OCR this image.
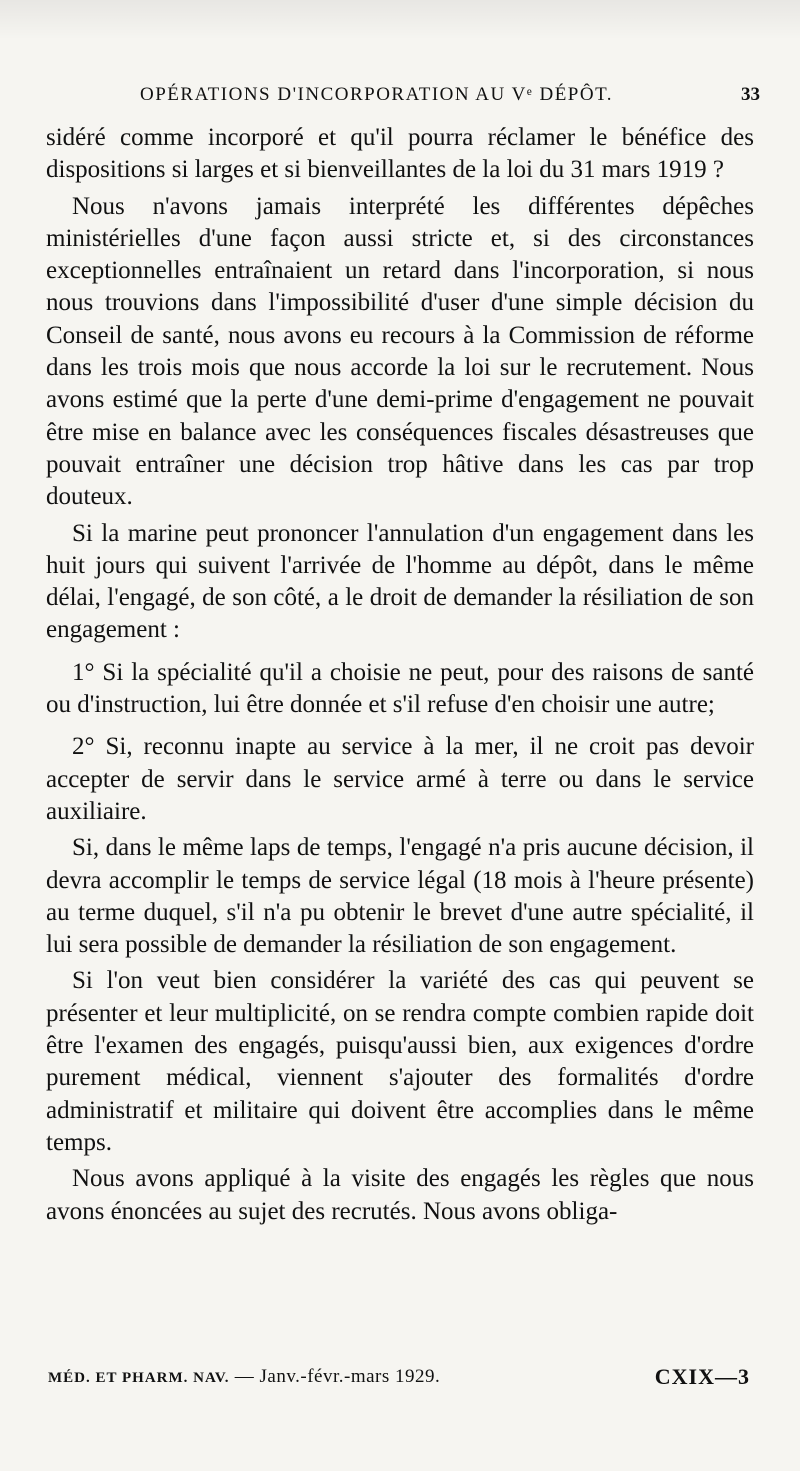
OPÉRATIONS D'INCORPORATION AU Vᵉ DÉPÔT.	33

sidéré comme incorporé et qu'il pourra réclamer le bénéfice des dispositions si larges et si bienveillantes de la loi du 31 mars 1919 ?

Nous n'avons jamais interprété les différentes dépêches ministérielles d'une façon aussi stricte et, si des circonstances exceptionnelles entraînaient un retard dans l'incorporation, si nous nous trouvions dans l'impossibilité d'user d'une simple décision du Conseil de santé, nous avons eu recours à la Commission de réforme dans les trois mois que nous accorde la loi sur le recrutement. Nous avons estimé que la perte d'une demi-prime d'engagement ne pouvait être mise en balance avec les conséquences fiscales désastreuses que pouvait entraîner une décision trop hâtive dans les cas par trop douteux.

Si la marine peut prononcer l'annulation d'un engagement dans les huit jours qui suivent l'arrivée de l'homme au dépôt, dans le même délai, l'engagé, de son côté, a le droit de demander la résiliation de son engagement :

1° Si la spécialité qu'il a choisie ne peut, pour des raisons de santé ou d'instruction, lui être donnée et s'il refuse d'en choisir une autre;

2° Si, reconnu inapte au service à la mer, il ne croit pas devoir accepter de servir dans le service armé à terre ou dans le service auxiliaire.

Si, dans le même laps de temps, l'engagé n'a pris aucune décision, il devra accomplir le temps de service légal (18 mois à l'heure présente) au terme duquel, s'il n'a pu obtenir le brevet d'une autre spécialité, il lui sera possible de demander la résiliation de son engagement.

Si l'on veut bien considérer la variété des cas qui peuvent se présenter et leur multiplicité, on se rendra compte combien rapide doit être l'examen des engagés, puisqu'aussi bien, aux exigences d'ordre purement médical, viennent s'ajouter des formalités d'ordre administratif et militaire qui doivent être accomplies dans le même temps.

Nous avons appliqué à la visite des engagés les règles que nous avons énoncées au sujet des recrutés. Nous avons obliga-

MÉD. ET PHARM. NAV. — Janv.-févr.-mars 1929.	CXIX—3
